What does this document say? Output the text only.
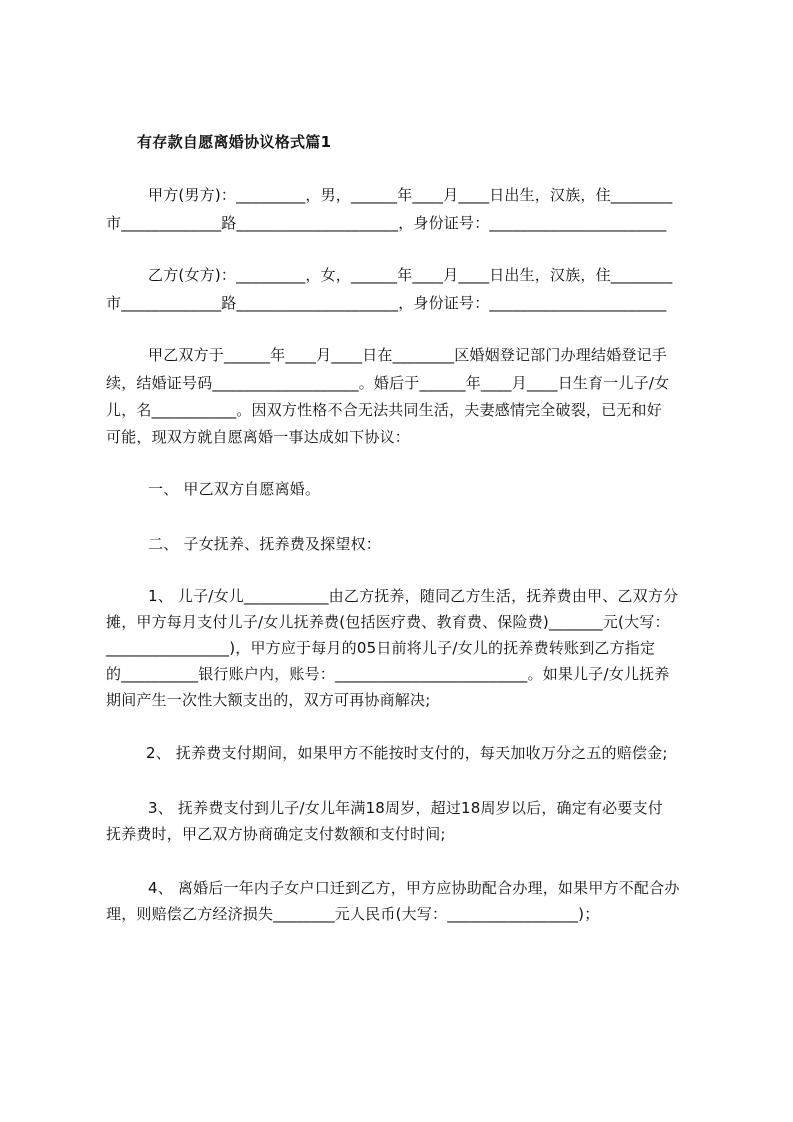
有存款自愿离婚协议格式篇1
甲方(男方)：_________，男，______年____月____日出生，汉族，住________
市_____________路_____________________，身份证号：_______________________
乙方(女方)：_________，女，______年____月____日出生，汉族，住________
市_____________路_____________________，身份证号：_______________________
甲乙双方于______年____月____日在________区婚姻登记部门办理结婚登记手
续，结婚证号码___________________。婚后于______年____月____日生育一儿子/女
儿，名___________。因双方性格不合无法共同生活，夫妻感情完全破裂，已无和好
可能，现双方就自愿离婚一事达成如下协议：
一、 甲乙双方自愿离婚。
二、 子女抚养、抚养费及探望权：
1、 儿子/女儿___________由乙方抚养，随同乙方生活，抚养费由甲、乙双方分
摊，甲方每月支付儿子/女儿抚养费(包括医疗费、教育费、保险费)_______元(大写：
________________)，甲方应于每月的05日前将儿子/女儿的抚养费转账到乙方指定
的__________银行账户内，账号：_________________________。如果儿子/女儿抚养
期间产生一次性大额支出的，双方可再协商解决;
2、 抚养费支付期间，如果甲方不能按时支付的，每天加收万分之五的赔偿金;
3、 抚养费支付到儿子/女儿年满18周岁，超过18周岁以后，确定有必要支付
抚养费时，甲乙双方协商确定支付数额和支付时间;
4、 离婚后一年内子女户口迁到乙方，甲方应协助配合办理，如果甲方不配合办
理，则赔偿乙方经济损失________元人民币(大写：_________________)；
